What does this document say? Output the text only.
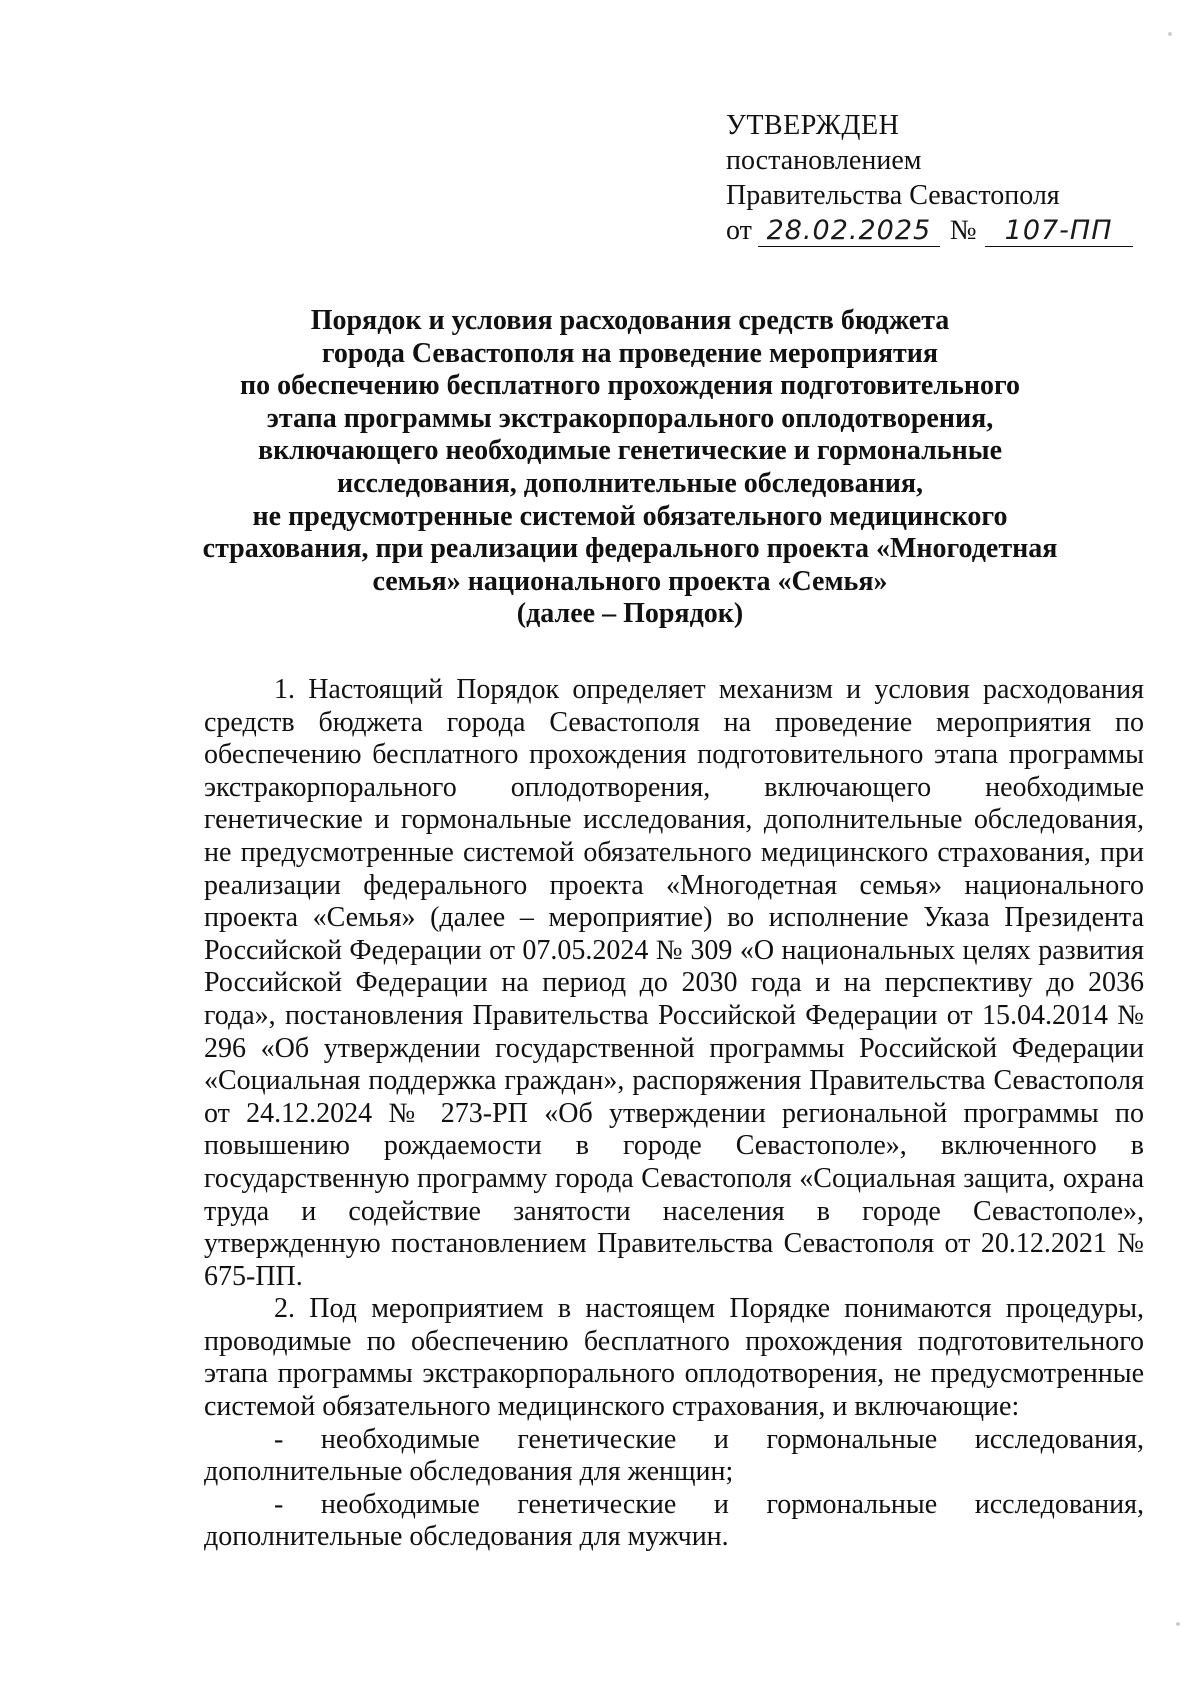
УТВЕРЖДЕН
постановлением
Правительства Севастополя
от 28.02.2025 № 107-ПП
Порядок и условия расходования средств бюджета
города Севастополя на проведение мероприятия
по обеспечению бесплатного прохождения подготовительного
этапа программы экстракорпорального оплодотворения,
включающего необходимые генетические и гормональные
исследования, дополнительные обследования,
не предусмотренные системой обязательного медицинского
страхования, при реализации федерального проекта «Многодетная
семья» национального проекта «Семья»
(далее – Порядок)

1. Настоящий Порядок определяет механизм и условия расходования средств бюджета города Севастополя на проведение мероприятия по обеспечению бесплатного прохождения подготовительного этапа программы экстракорпорального оплодотворения, включающего необходимые генетические и гормональные исследования, дополнительные обследования, не предусмотренные системой обязательного медицинского страхования, при реализации федерального проекта «Многодетная семья» национального проекта «Семья» (далее – мероприятие) во исполнение Указа Президента Российской Федерации от 07.05.2024 № 309 «О национальных целях развития Российской Федерации на период до 2030 года и на перспективу до 2036 года», постановления Правительства Российской Федерации от 15.04.2014 № 296 «Об утверждении государственной программы Российской Федерации «Социальная поддержка граждан», распоряжения Правительства Севастополя от 24.12.2024 № 273-РП «Об утверждении региональной программы по повышению рождаемости в городе Севастополе», включенного в государственную программу города Севастополя «Социальная защита, охрана труда и содействие занятости населения в городе Севастополе», утвержденную постановлением Правительства Севастополя от 20.12.2021 № 675-ПП.

2. Под мероприятием в настоящем Порядке понимаются процедуры, проводимые по обеспечению бесплатного прохождения подготовительного этапа программы экстракорпорального оплодотворения, не предусмотренные системой обязательного медицинского страхования, и включающие:

- необходимые генетические и гормональные исследования, дополнительные обследования для женщин;

- необходимые генетические и гормональные исследования, дополнительные обследования для мужчин.
